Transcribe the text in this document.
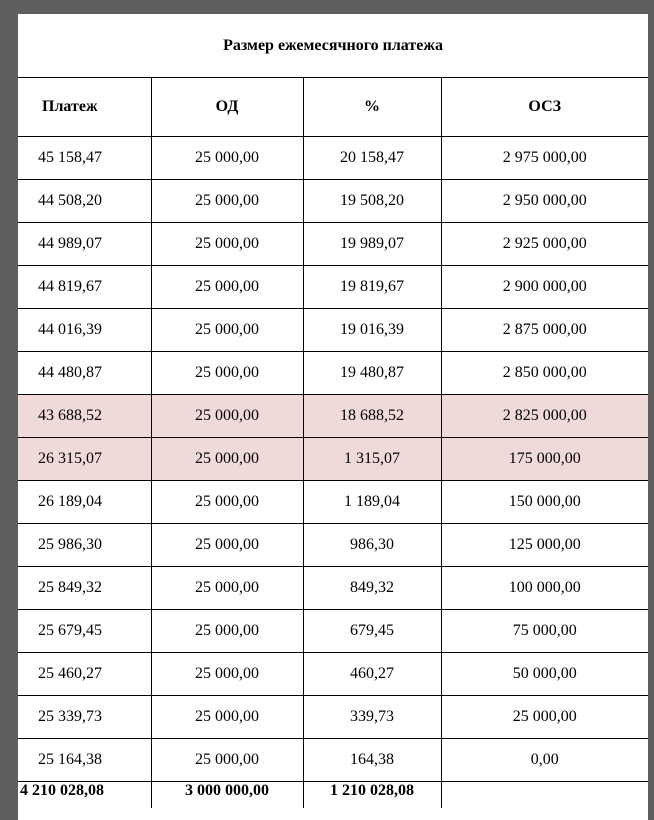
Размер ежемесячного платежа			
Платеж	ОД	%	ОСЗ
45 158,47	25 000,00	20 158,47	2 975 000,00
44 508,20	25 000,00	19 508,20	2 950 000,00
44 989,07	25 000,00	19 989,07	2 925 000,00
44 819,67	25 000,00	19 819,67	2 900 000,00
44 016,39	25 000,00	19 016,39	2 875 000,00
44 480,87	25 000,00	19 480,87	2 850 000,00
43 688,52	25 000,00	18 688,52	2 825 000,00
26 315,07	25 000,00	1 315,07	175 000,00
26 189,04	25 000,00	1 189,04	150 000,00
25 986,30	25 000,00	986,30	125 000,00
25 849,32	25 000,00	849,32	100 000,00
25 679,45	25 000,00	679,45	75 000,00
25 460,27	25 000,00	460,27	50 000,00
25 339,73	25 000,00	339,73	25 000,00
25 164,38	25 000,00	164,38	0,00
4 210 028,08	3 000 000,00	1 210 028,08	
